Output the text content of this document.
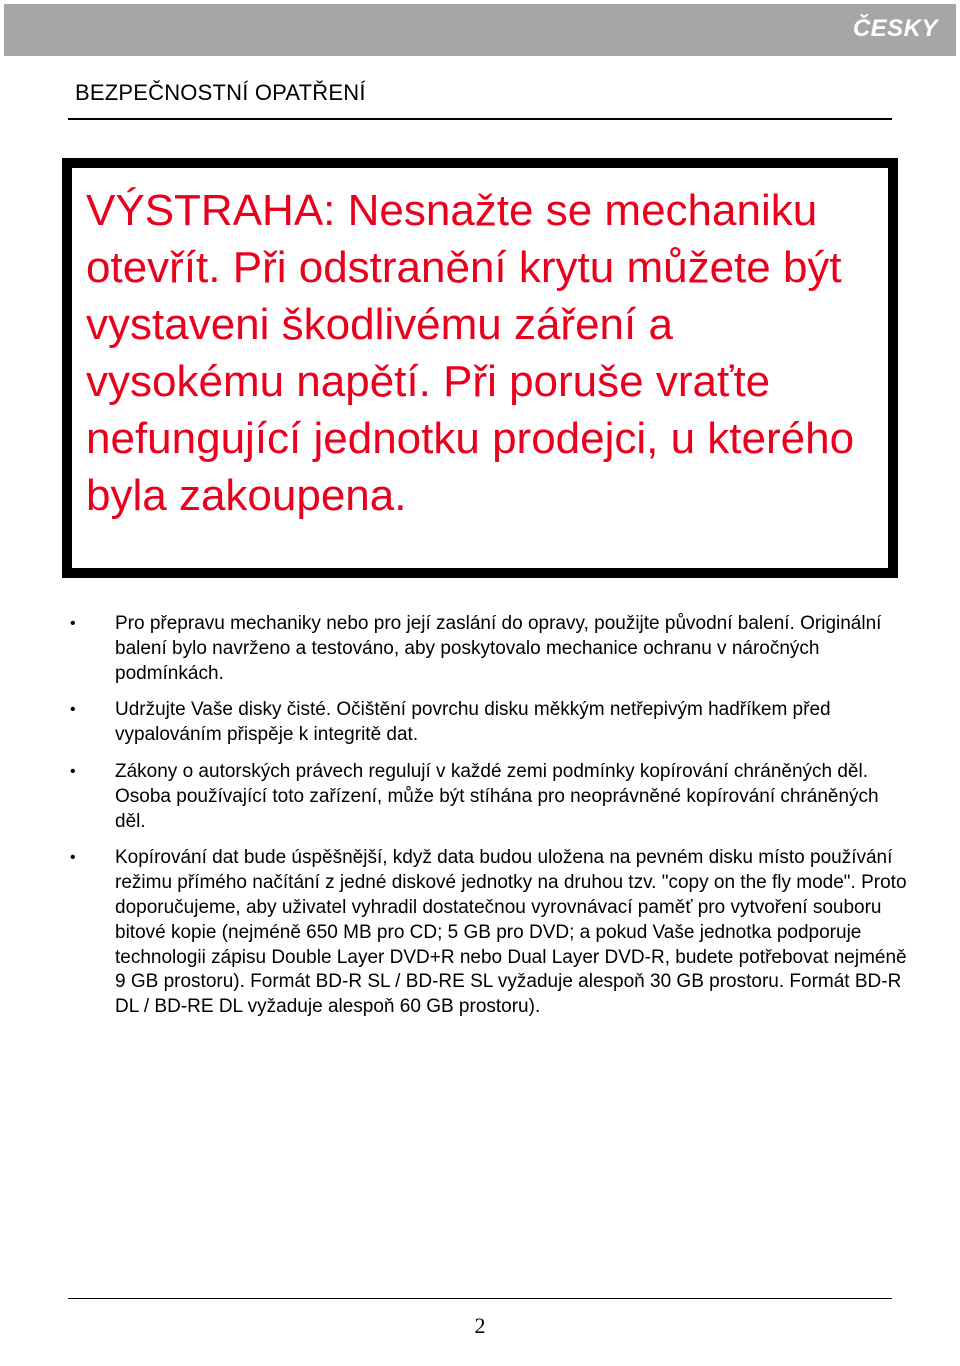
ČESKY
BEZPEČNOSTNÍ OPATŘENÍ

VÝSTRAHA: Nesnažte se mechaniku otevřít. Při odstranění krytu můžete být vystaveni škodlivému záření a vysokému napětí. Při poruše vraťte nefungující jednotku prodejci, u kterého byla zakoupena.

•	Pro přepravu mechaniky nebo pro její zaslání do opravy, použijte původní balení. Originální balení bylo navrženo a testováno, aby poskytovalo mechanice ochranu v náročných podmínkách.
•	Udržujte Vaše disky čisté. Očištění povrchu disku měkkým netřepivým hadříkem před vypalováním přispěje k integritě dat.
•	Zákony o autorských právech regulují v každé zemi podmínky kopírování chráněných děl. Osoba používající toto zařízení, může být stíhána pro neoprávněné kopírování chráněných děl.
•	Kopírování dat bude úspěšnější, když data budou uložena na pevném disku místo používání režimu přímého načítání z jedné diskové jednotky na druhou tzv. "copy on the fly mode". Proto doporučujeme, aby uživatel vyhradil dostatečnou vyrovnávací paměť pro vytvoření souboru bitové kopie (nejméně 650 MB pro CD; 5 GB pro DVD; a pokud Vaše jednotka podporuje technologii zápisu Double Layer DVD+R nebo Dual Layer DVD-R, budete potřebovat nejméně 9 GB prostoru). Formát BD-R SL / BD-RE SL vyžaduje alespoň 30 GB prostoru. Formát BD-R DL / BD-RE DL vyžaduje alespoň 60 GB prostoru).
2
